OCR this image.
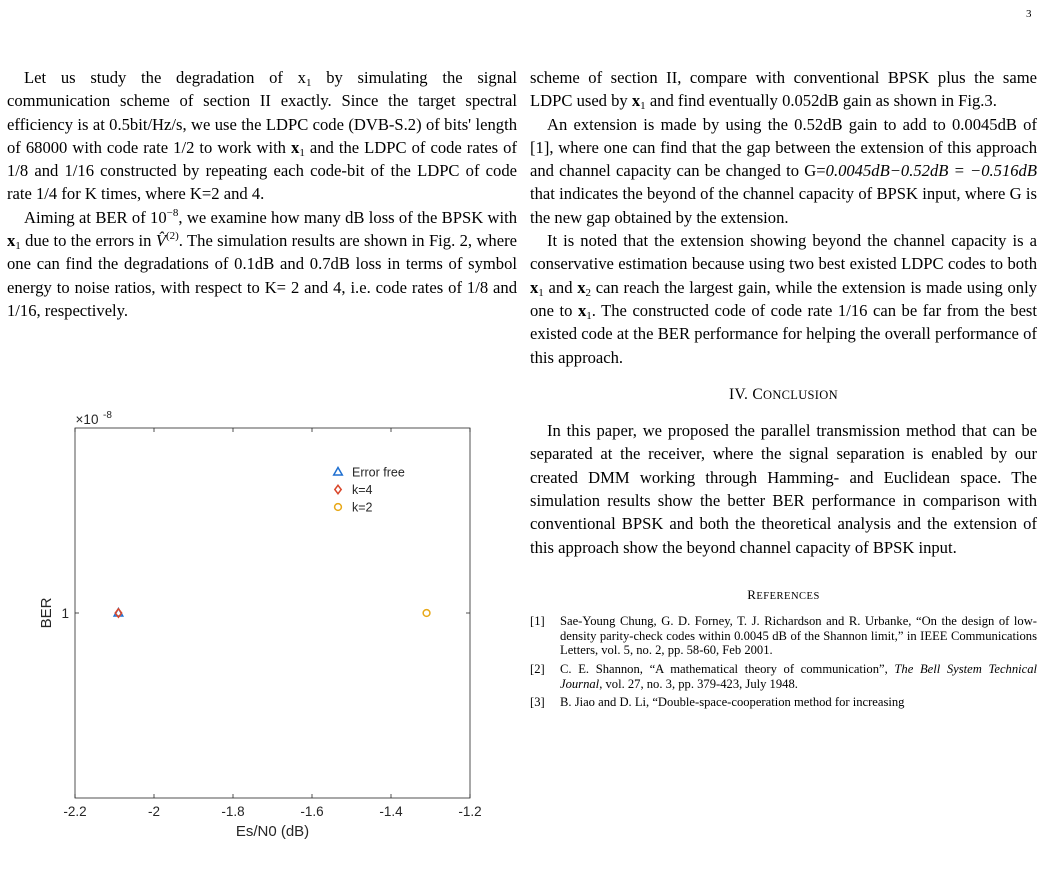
3

Let us study the degradation of $x_1$ by simulating the signal communication scheme of section II exactly. Since the target spectral efficiency is at 0.5bit/Hz/s, we use the LDPC code (DVB-S.2) of bits' length of 68000 with code rate 1/2 to work with $x_1$ and the LDPC of code rates of 1/8 and 1/16 constructed by repeating each code-bit of the LDPC of code rate 1/4 for K times, where K=2 and 4.

Aiming at BER of $10^{-8}$, we examine how many dB loss of the BPSK with $x_1$ due to the errors in V̂$^{(2)}$. The simulation results are shown in Fig. 2, where one can find the degradations of 0.1dB and 0.7dB loss in terms of symbol energy to noise ratios, with respect to K= 2 and 4, i.e. code rates of 1/8 and 1/16, respectively.

-2.2	-2	-1.8	-1.6	-1.4	-1.2
1
×10 -8
Es/N0 (dB)
BER
Error free
k=4
k=2

scheme of section II, compare with conventional BPSK plus the same LDPC used by $x_1$ and find eventually 0.052dB gain as shown in Fig.3.

An extension is made by using the 0.52dB gain to add to 0.0045dB of [1], where one can find that the gap between the extension of this approach and channel capacity can be changed to G=0.0045dB−0.52dB = −0.516dB that indicates the beyond of the channel capacity of BPSK input, where G is the new gap obtained by the extension.

It is noted that the extension showing beyond the channel capacity is a conservative estimation because using two best existed LDPC codes to both $x_1$ and $x_2$ can reach the largest gain, while the extension is made using only one to $x_1$. The constructed code of code rate 1/16 can be far from the best existed code at the BER performance for helping the overall performance of this approach.

IV. CONCLUSION

In this paper, we proposed the parallel transmission method that can be separated at the receiver, where the signal separation is enabled by our created DMM working through Hamming- and Euclidean space. The simulation results show the better BER performance in comparison with conventional BPSK and both the theoretical analysis and the extension of this approach show the beyond channel capacity of BPSK input.

REFERENCES
[1] Sae-Young Chung, G. D. Forney, T. J. Richardson and R. Urbanke, “On the design of low-density parity-check codes within 0.0045 dB of the Shannon limit,” in IEEE Communications Letters, vol. 5, no. 2, pp. 58-60, Feb 2001.
[2] C. E. Shannon, “A mathematical theory of communication”, The Bell System Technical Journal, vol. 27, no. 3, pp. 379-423, July 1948.
[3] B. Jiao and D. Li, “Double-space-cooperation method for increasing
